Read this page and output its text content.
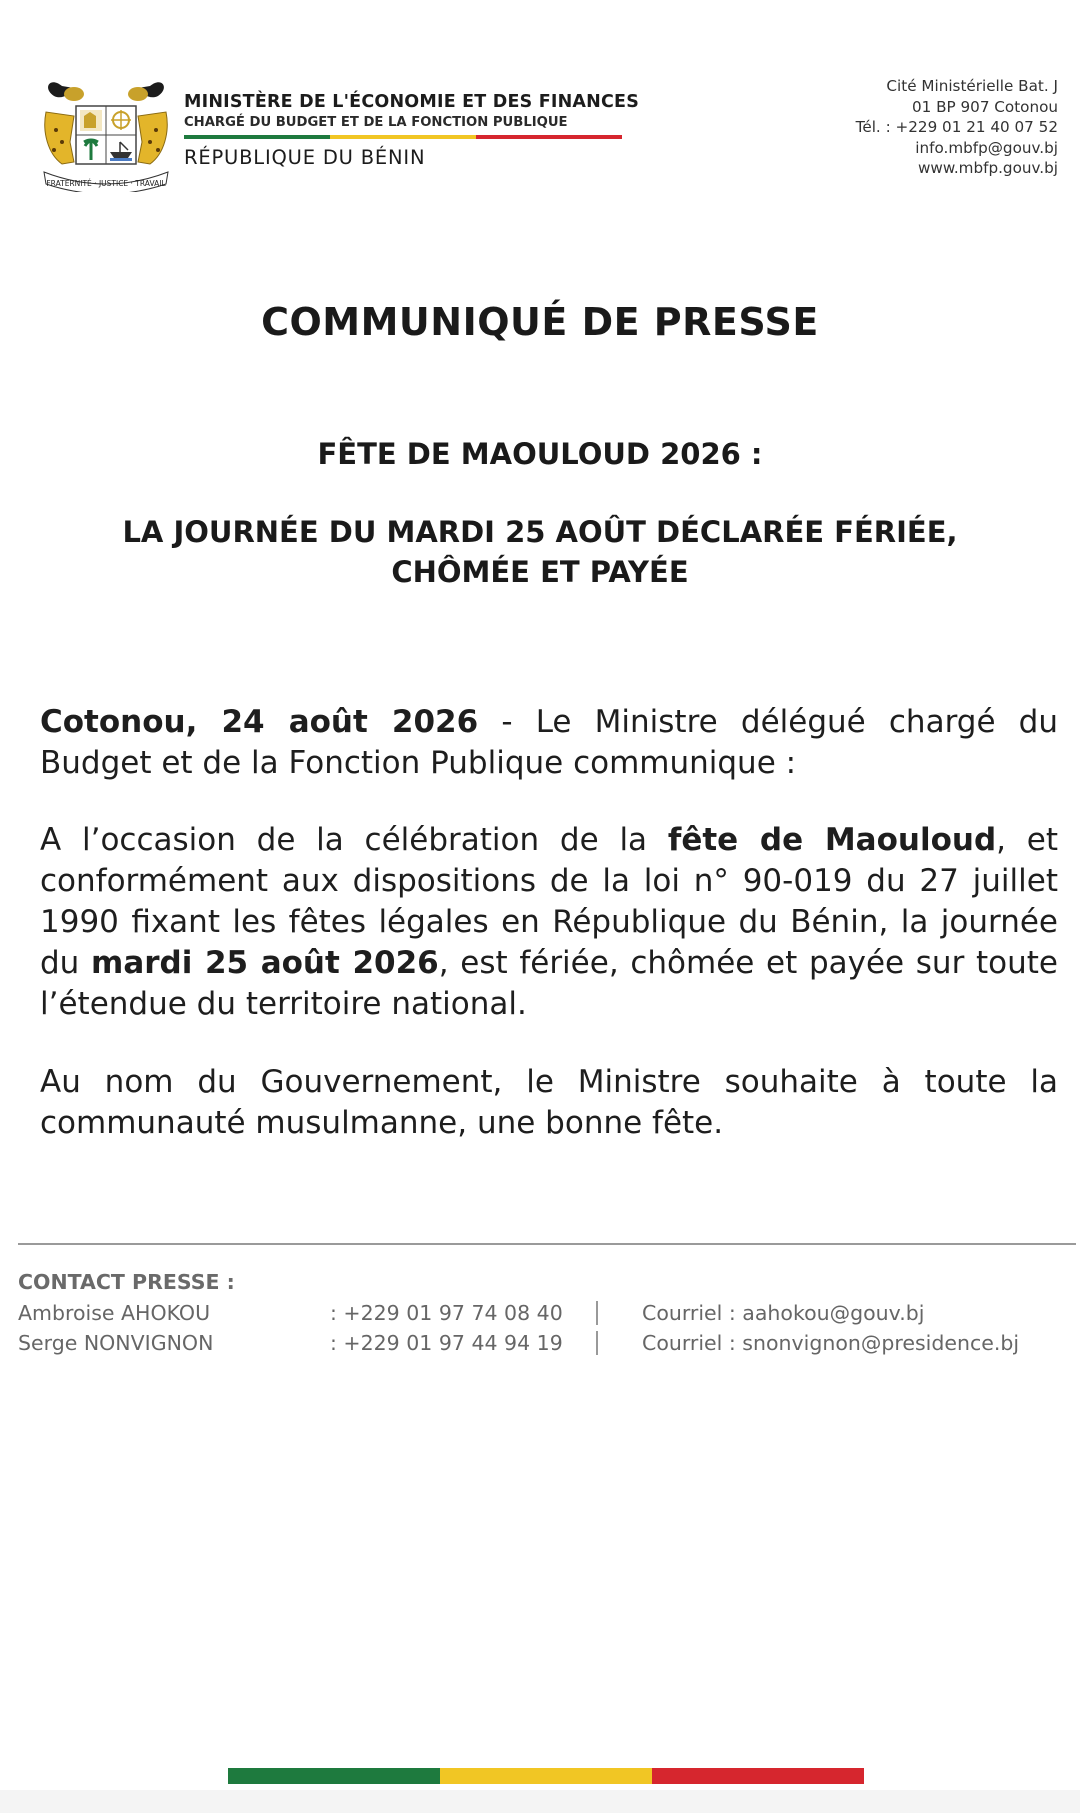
FRATERNITÉ · JUSTICE · TRAVAIL
MINISTÈRE DE L'ÉCONOMIE ET DES FINANCES
CHARGÉ DU BUDGET ET DE LA FONCTION PUBLIQUE
RÉPUBLIQUE DU BÉNIN
Cité Ministérielle Bat. J
01 BP 907 Cotonou
Tél. : +229 01 21 40 07 52
info.mbfp@gouv.bj
www.mbfp.gouv.bj
COMMUNIQUÉ DE PRESSE
FÊTE DE MAOULOUD 2026 :
LA JOURNÉE DU MARDI 25 AOÛT DÉCLARÉE FÉRIÉE, CHÔMÉE ET PAYÉE
Cotonou, 24 août 2026 - Le Ministre délégué chargé du Budget et de la Fonction Publique communique :
A l’occasion de la célébration de la fête de Maouloud, et conformément aux dispositions de la loi n° 90-019 du 27 juillet 1990 fixant les fêtes légales en République du Bénin, la journée du mardi 25 août 2026, est fériée, chômée et payée sur toute l’étendue du territoire national.
Au nom du Gouvernement, le Ministre souhaite à toute la communauté musulmanne, une bonne fête.
CONTACT PRESSE :
Ambroise AHOKOU	: +229 01 97 74 08 40	Courriel : aahokou@gouv.bj
Serge NONVIGNON	: +229 01 97 44 94 19	Courriel : snonvignon@presidence.bj
